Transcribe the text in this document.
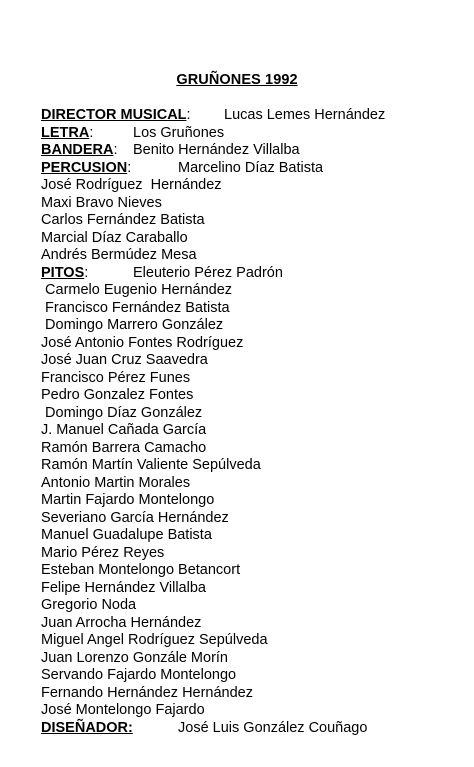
GRUÑONES 1992
DIRECTOR MUSICAL: Lucas Lemes Hernández
LETRA:	Los Gruñones
BANDERA: Benito Hernández Villalba
PERCUSION:	Marcelino Díaz Batista
José Rodríguez  Hernández
Maxi Bravo Nieves
Carlos Fernández Batista
Marcial Díaz Caraballo
Andrés Bermúdez Mesa
PITOS:	Eleuterio Pérez Padrón
Carmelo Eugenio Hernández
Francisco Fernández Batista
Domingo Marrero González
José Antonio Fontes Rodríguez
José Juan Cruz Saavedra
Francisco Pérez Funes
Pedro Gonzalez Fontes
Domingo Díaz González
J. Manuel Cañada García
Ramón Barrera Camacho
Ramón Martín Valiente Sepúlveda
Antonio Martin Morales
Martin Fajardo Montelongo
Severiano García Hernández
Manuel Guadalupe Batista
Mario Pérez Reyes
Esteban Montelongo Betancort
Felipe Hernández Villalba
Gregorio Noda
Juan Arrocha Hernández
Miguel Angel Rodríguez Sepúlveda
Juan Lorenzo Gonzále Morín
Servando Fajardo Montelongo
Fernando Hernández Hernández
José Montelongo Fajardo
DISEÑADOR:	José Luis González Couñago
